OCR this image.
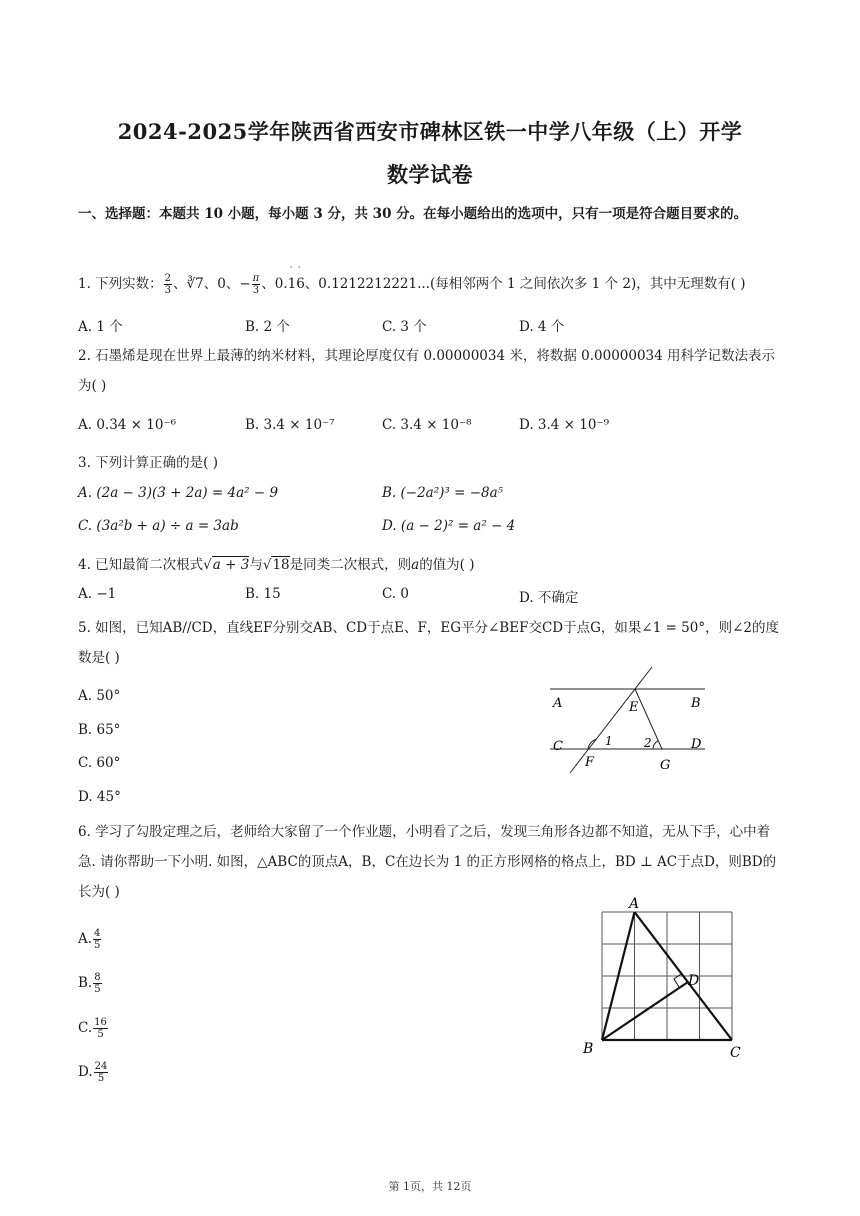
2024-2025学年陕西省西安市碑林区铁一中学八年级（上）开学
数学试卷
一、选择题：本题共 10 小题，每小题 3 分，共 30 分。在每小题给出的选项中，只有一项是符合题目要求的。
1. 下列实数： $\frac{2}{3}$ 、∛7、0、− $\frac{\pi}{3}$ 、0.16
˙ ˙
、0.1212212221...(每相邻两个 1 之间依次多 1 个 2)，其中无理数有( )
A. 1 个	B. 2 个	C. 3 个	D. 4 个
2. 石墨烯是现在世界上最薄的纳米材料，其理论厚度仅有 0.00000034 米，将数据 0.00000034 用科学记数法表示为( )
A. 0.34 × 10⁻⁶	B. 3.4 × 10⁻⁷	C. 3.4 × 10⁻⁸	D. 3.4 × 10⁻⁹
3. 下列计算正确的是( )
A. (2a − 3)(3 + 2a) = 4a² − 9	B. (−2a²)³ = −8a⁵
C. (3a²b + a) ÷ a = 3ab	D. (a − 2)² = a² − 4
4. 已知最简二次根式√a + 3与√18是同类二次根式，则a的值为( )
A. −1	B. 15	C. 0	D. 不确定
5. 如图，已知AB//CD，直线EF分别交AB、CD于点E、F，EG平分∠BEF交CD于点G，如果∠1 = 50°，则∠2的度数是( )
A. 50°
B. 65°
C. 60°
D. 45°
A	E	B
C	1	2	D
F	G
6. 学习了勾股定理之后，老师给大家留了一个作业题，小明看了之后，发现三角形各边都不知道，无从下手，心中着急. 请你帮助一下小明. 如图，△ABC的顶点A，B，C在边长为 1 的正方形网格的格点上，BD ⊥ AC于点D，则BD的长为( )
A. $\frac{4}{5}$
B. $\frac{8}{5}$
C. $\frac{16}{5}$
D. $\frac{24}{5}$
A
D
B	C
第 1页，共 12页
